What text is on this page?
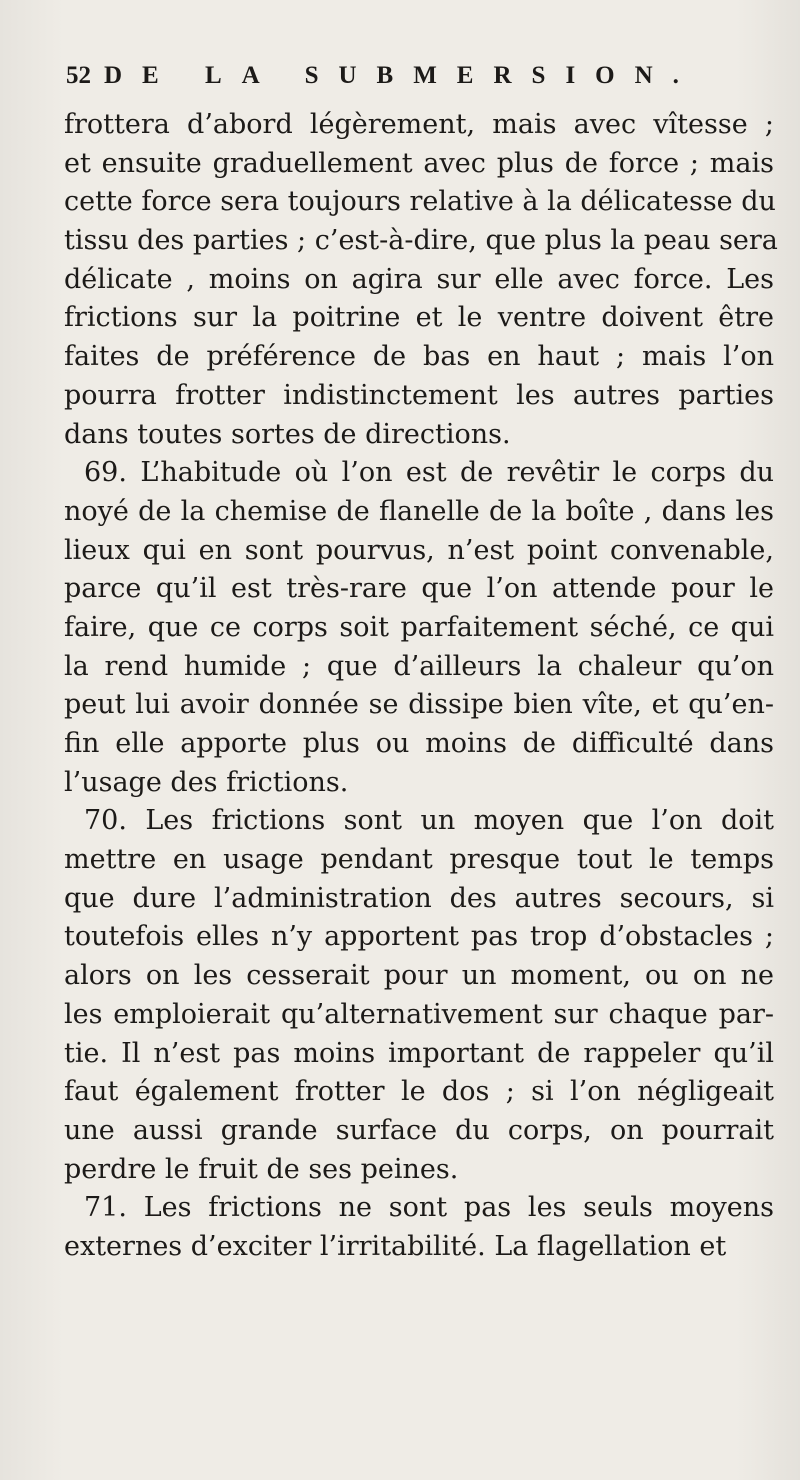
52 DE LA SUBMERSION.
frottera d’abord légèrement, mais avec vîtesse ;
et ensuite graduellement avec plus de force ; mais
cette force sera toujours relative à la délicatesse du
tissu des parties ; c’est-à-dire, que plus la peau sera
délicate , moins on agira sur elle avec force. Les
frictions sur la poitrine et le ventre doivent être
faites de préférence de bas en haut ; mais l’on
pourra frotter indistinctement les autres parties
dans toutes sortes de directions.
69. L’habitude où l’on est de revêtir le corps du
noyé de la chemise de flanelle de la boîte , dans les
lieux qui en sont pourvus, n’est point convenable,
parce qu’il est très-rare que l’on attende pour le
faire, que ce corps soit parfaitement séché, ce qui
la rend humide ; que d’ailleurs la chaleur qu’on
peut lui avoir donnée se dissipe bien vîte, et qu’en-
fin elle apporte plus ou moins de difficulté dans
l’usage des frictions.
70. Les frictions sont un moyen que l’on doit
mettre en usage pendant presque tout le temps
que dure l’administration des autres secours, si
toutefois elles n’y apportent pas trop d’obstacles ;
alors on les cesserait pour un moment, ou on ne
les emploierait qu’alternativement sur chaque par-
tie. Il n’est pas moins important de rappeler qu’il
faut également frotter le dos ; si l’on négligeait
une aussi grande surface du corps, on pourrait
perdre le fruit de ses peines.
71. Les frictions ne sont pas les seuls moyens
externes d’exciter l’irritabilité. La flagellation et
